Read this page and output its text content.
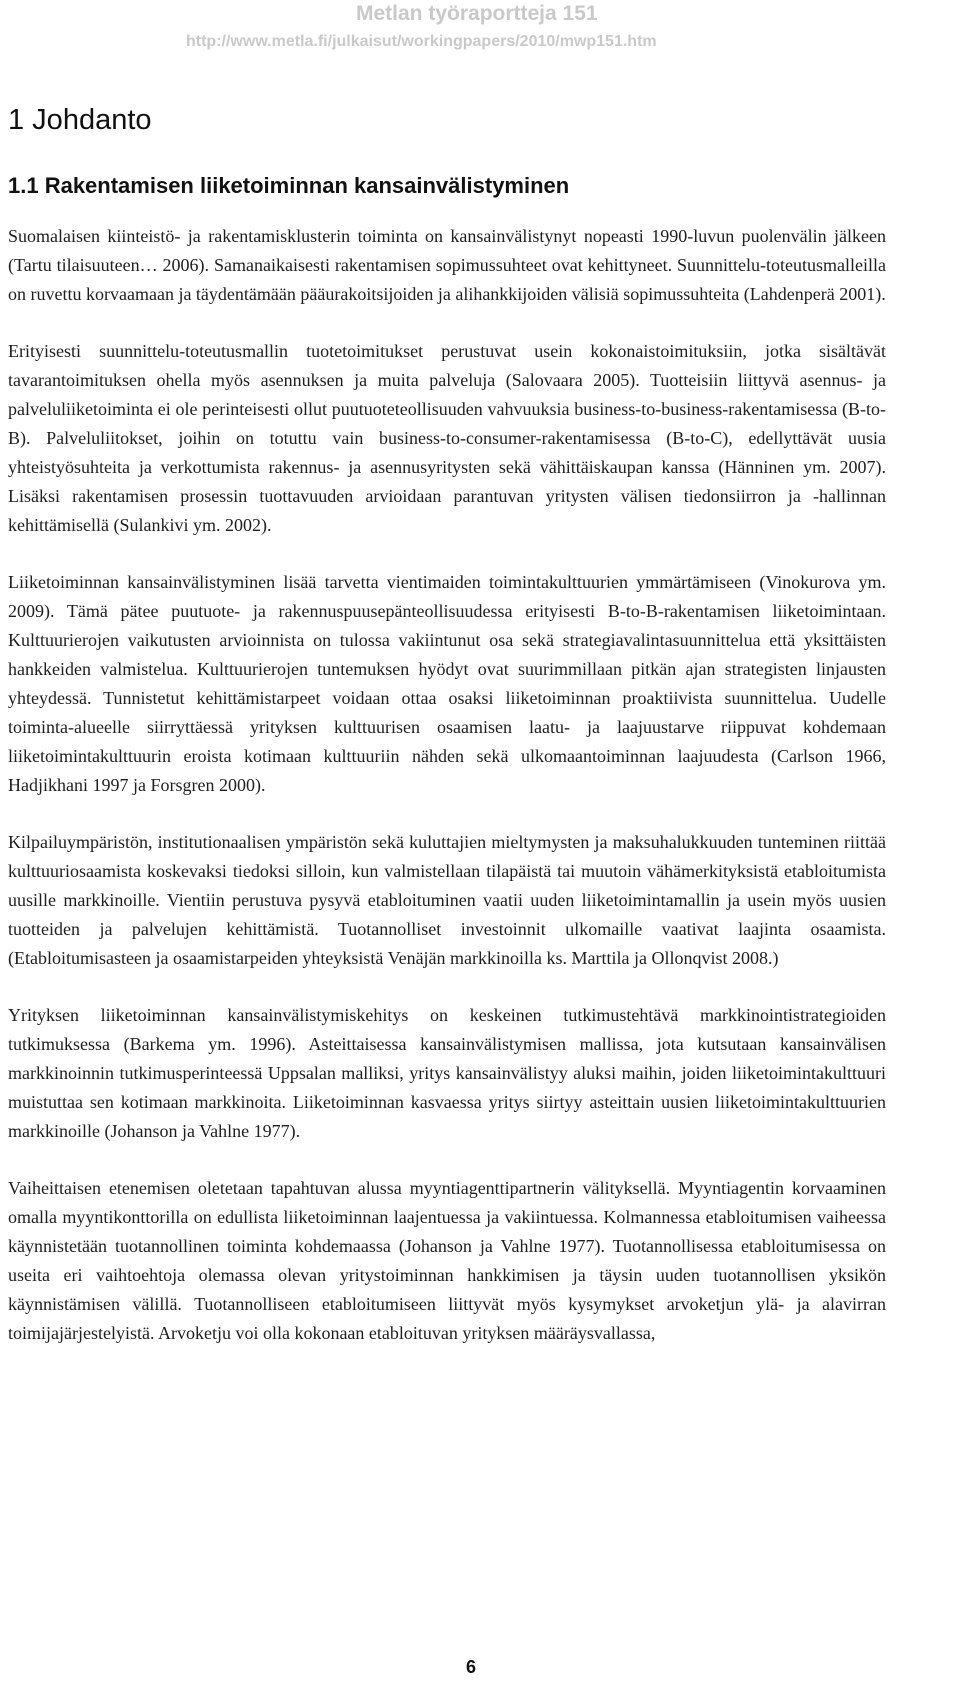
Metlan työraportteja 151
http://www.metla.fi/julkaisut/workingpapers/2010/mwp151.htm
1 Johdanto
1.1 Rakentamisen liiketoiminnan kansainvälistyminen

Suomalaisen kiinteistö- ja rakentamisklusterin toiminta on kansainvälistynyt nopeasti 1990-luvun puolenvälin jälkeen (Tartu tilaisuuteen… 2006). Samanaikaisesti rakentamisen sopimussuhteet ovat kehittyneet. Suunnittelu-toteutusmalleilla on ruvettu korvaamaan ja täydentämään pääurakoitsijoiden ja alihankkijoiden välisiä sopimussuhteita (Lahdenperä 2001).

Erityisesti suunnittelu-toteutusmallin tuotetoimitukset perustuvat usein kokonaistoimituksiin, jotka sisältävät tavarantoimituksen ohella myös asennuksen ja muita palveluja (Salovaara 2005). Tuotteisiin liittyvä asennus- ja palveluliiketoiminta ei ole perinteisesti ollut puutuoteteollisuuden vahvuuksia business-to-business-rakentamisessa (B-to-B). Palveluliitokset, joihin on totuttu vain business-to-consumer-rakentamisessa (B-to-C), edellyttävät uusia yhteistyösuhteita ja verkottumista rakennus- ja asennusyritysten sekä vähittäiskaupan kanssa (Hänninen ym. 2007). Lisäksi rakentamisen prosessin tuottavuuden arvioidaan parantuvan yritysten välisen tiedonsiirron ja -hallinnan kehittämisellä (Sulankivi ym. 2002).

Liiketoiminnan kansainvälistyminen lisää tarvetta vientimaiden toimintakulttuurien ymmärtämiseen (Vinokurova ym. 2009). Tämä pätee puutuote- ja rakennuspuusepänteollisuudessa erityisesti B-to-B-rakentamisen liiketoimintaan. Kulttuurierojen vaikutusten arvioinnista on tulossa vakiintunut osa sekä strategiavalintasuunnittelua että yksittäisten hankkeiden valmistelua. Kulttuurierojen tuntemuksen hyödyt ovat suurimmillaan pitkän ajan strategisten linjausten yhteydessä. Tunnistetut kehittämistarpeet voidaan ottaa osaksi liiketoiminnan proaktiivista suunnittelua. Uudelle toiminta-alueelle siirryttäessä yrityksen kulttuurisen osaamisen laatu- ja laajuustarve riippuvat kohdemaan liiketoimintakulttuurin eroista kotimaan kulttuuriin nähden sekä ulkomaantoiminnan laajuudesta (Carlson 1966, Hadjikhani 1997 ja Forsgren 2000).

Kilpailuympäristön, institutionaalisen ympäristön sekä kuluttajien mieltymysten ja maksuhalukkuuden tunteminen riittää kulttuuriosaamista koskevaksi tiedoksi silloin, kun valmistellaan tilapäistä tai muutoin vähämerkityksistä etabloitumista uusille markkinoille. Vientiin perustuva pysyvä etabloituminen vaatii uuden liiketoimintamallin ja usein myös uusien tuotteiden ja palvelujen kehittämistä. Tuotannolliset investoinnit ulkomaille vaativat laajinta osaamista. (Etabloitumisasteen ja osaamistarpeiden yhteyksistä Venäjän markkinoilla ks. Marttila ja Ollonqvist 2008.)

Yrityksen liiketoiminnan kansainvälistymiskehitys on keskeinen tutkimustehtävä markkinointistrategioiden tutkimuksessa (Barkema ym. 1996). Asteittaisessa kansainvälistymisen mallissa, jota kutsutaan kansainvälisen markkinoinnin tutkimusperinteessä Uppsalan malliksi, yritys kansainvälistyy aluksi maihin, joiden liiketoimintakulttuuri muistuttaa sen kotimaan markkinoita. Liiketoiminnan kasvaessa yritys siirtyy asteittain uusien liiketoimintakulttuurien markkinoille (Johanson ja Vahlne 1977).

Vaiheittaisen etenemisen oletetaan tapahtuvan alussa myyntiagenttipartnerin välityksellä. Myyntiagentin korvaaminen omalla myyntikonttorilla on edullista liiketoiminnan laajentuessa ja vakiintuessa. Kolmannessa etabloitumisen vaiheessa käynnistetään tuotannollinen toiminta kohdemaassa (Johanson ja Vahlne 1977). Tuotannollisessa etabloitumisessa on useita eri vaihtoehtoja olemassa olevan yritystoiminnan hankkimisen ja täysin uuden tuotannollisen yksikön käynnistämisen välillä. Tuotannolliseen etabloitumiseen liittyvät myös kysymykset arvoketjun ylä- ja alavirran toimijajärjestelyistä. Arvoketju voi olla kokonaan etabloituvan yrityksen määräysvallassa,

6
